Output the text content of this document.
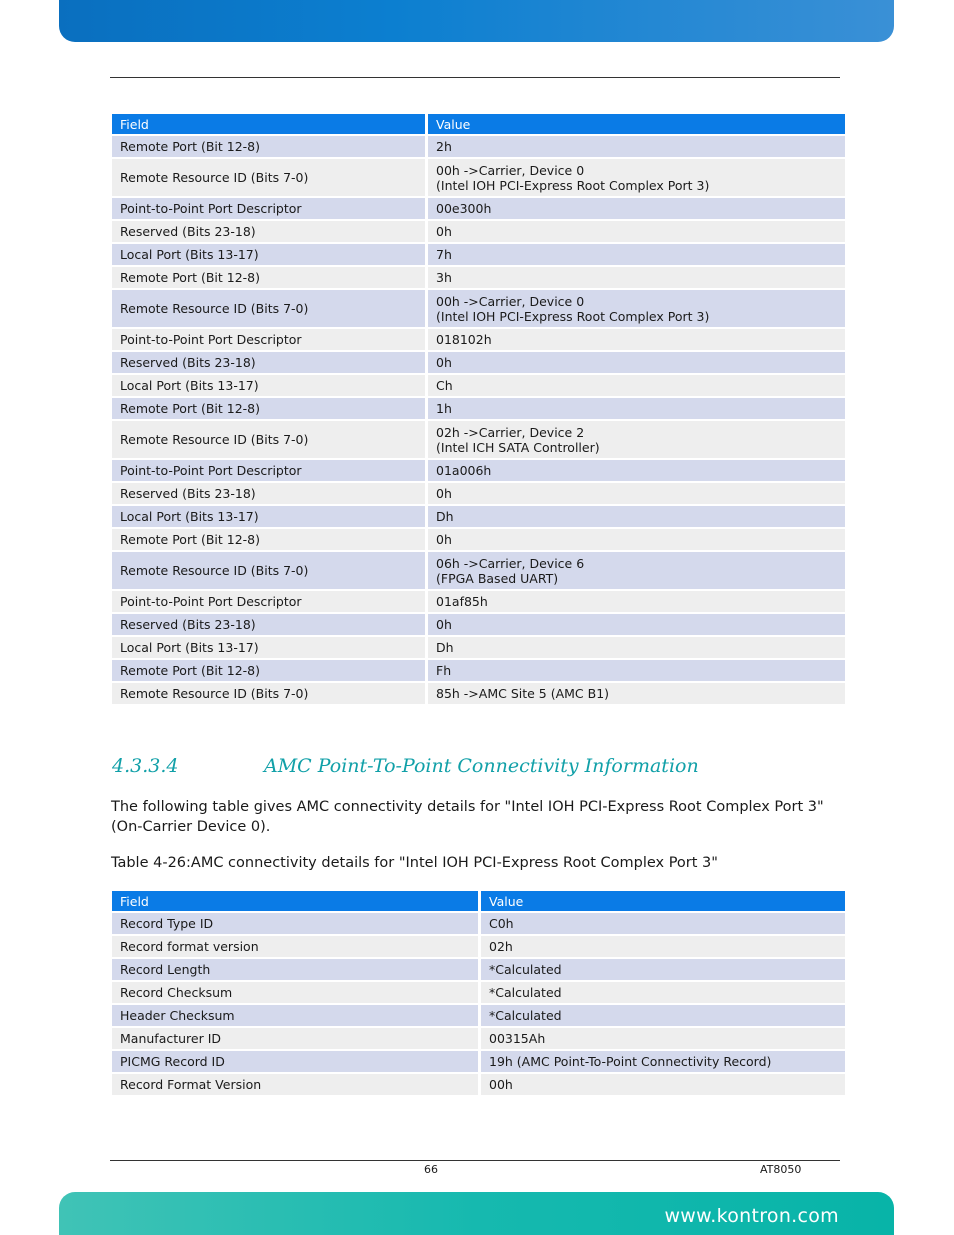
Field	Value
Remote Port (Bit 12-8)	2h

Remote Resource ID (Bits 7-0)	00h ->Carrier, Device 0
(Intel IOH PCI-Express Root Complex Port 3)

Point-to-Point Port Descriptor	00e300h

Reserved (Bits 23-18)	0h

Local Port (Bits 13-17)	7h

Remote Port (Bit 12-8)	3h

Remote Resource ID (Bits 7-0)	00h ->Carrier, Device 0
(Intel IOH PCI-Express Root Complex Port 3)

Point-to-Point Port Descriptor	018102h

Reserved (Bits 23-18)	0h

Local Port (Bits 13-17)	Ch

Remote Port (Bit 12-8)	1h

Remote Resource ID (Bits 7-0)	02h ->Carrier, Device 2
(Intel ICH SATA Controller)

Point-to-Point Port Descriptor	01a006h

Reserved (Bits 23-18)	0h

Local Port (Bits 13-17)	Dh

Remote Port (Bit 12-8)	0h

Remote Resource ID (Bits 7-0)	06h ->Carrier, Device 6
(FPGA Based UART)

Point-to-Point Port Descriptor	01af85h

Reserved (Bits 23-18)	0h

Local Port (Bits 13-17)	Dh

Remote Port (Bit 12-8)	Fh

Remote Resource ID (Bits 7-0)	85h ->AMC Site 5 (AMC B1)
4.3.3.4	AMC Point-To-Point Connectivity Information
The following table gives AMC connectivity details for "Intel IOH PCI-Express Root Complex Port 3" (On-Carrier Device 0).
Table 4-26:AMC connectivity details for "Intel IOH PCI-Express Root Complex Port 3"
Field	Value
Record Type ID	C0h

Record format version	02h

Record Length	*Calculated

Record Checksum	*Calculated

Header Checksum	*Calculated

Manufacturer ID	00315Ah

PICMG Record ID	19h (AMC Point-To-Point Connectivity Record)

Record Format Version	00h
66	AT8050
www.kontron.com
